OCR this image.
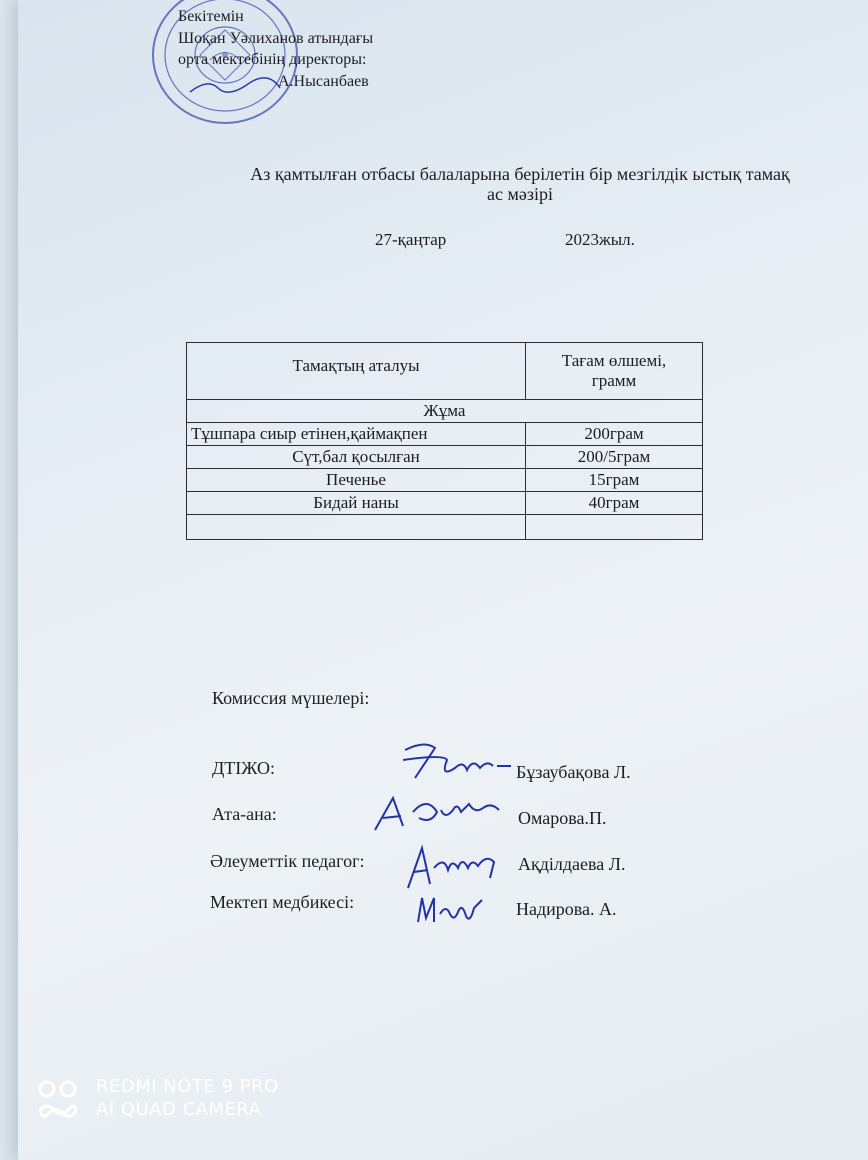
Бекітемін
Шоқан Уәлиханов атындағы
орта мектебінің директоры:
А.Нысанбаев
Аз қамтылған отбасы балаларына берілетін бір мезгілдік ыстық тамақ
ас мәзірі
27-қаңтар	2023жыл.
Тамақтың аталуы	Тағам өлшемі,
грамм
Жұма	
Тұшпара сиыр етінен,қаймақпен	200грам
Сүт,бал қосылған	200/5грам
Печенье	15грам
Бидай наны	40грам

Комиссия мүшелері:
ДТІЖО:	Бұзаубақова Л.
Ата-ана:	Омарова.П.
Әлеуметтік педагог:	Ақділдаева Л.
Мектеп медбикесі:	Надирова. А.
REDMI NOTE 9 PRO
AI QUAD CAMERA
